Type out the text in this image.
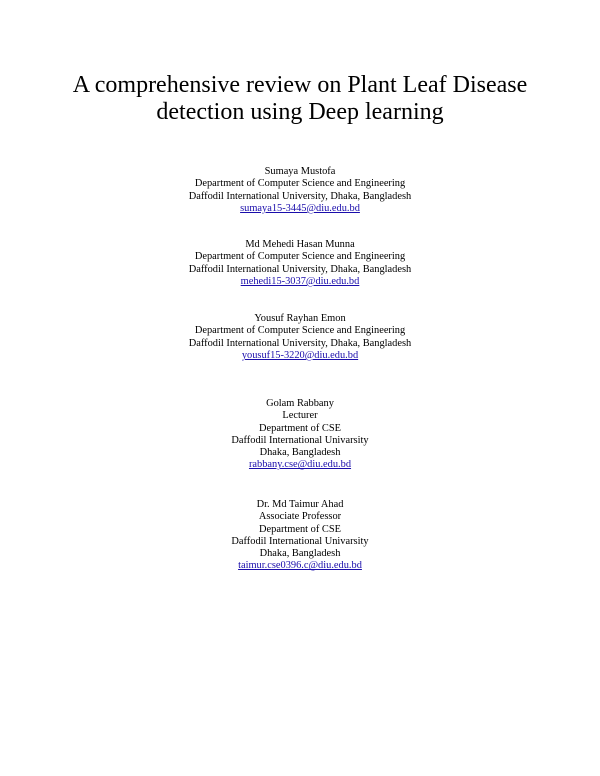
A comprehensive review on Plant Leaf Disease
detection using Deep learning
Sumaya Mustofa
Department of Computer Science and Engineering
Daffodil International University, Dhaka, Bangladesh
sumaya15-3445@diu.edu.bd
Md Mehedi Hasan Munna
Department of Computer Science and Engineering
Daffodil International University, Dhaka, Bangladesh
mehedi15-3037@diu.edu.bd
Yousuf Rayhan Emon
Department of Computer Science and Engineering
Daffodil International University, Dhaka, Bangladesh
yousuf15-3220@diu.edu.bd
Golam Rabbany
Lecturer
Department of CSE
Daffodil International Univarsity
Dhaka, Bangladesh
rabbany.cse@diu.edu.bd
Dr. Md Taimur Ahad
Associate Professor
Department of CSE
Daffodil International Univarsity
Dhaka, Bangladesh
taimur.cse0396.c@diu.edu.bd
